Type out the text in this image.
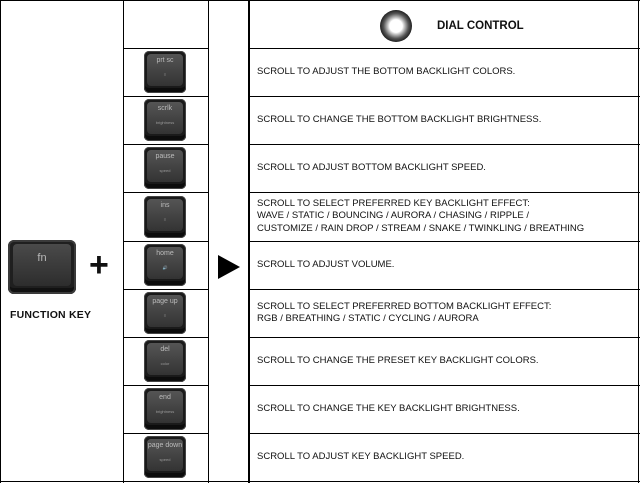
DIAL CONTROL
fn
FUNCTION KEY
+
prt sc
≡
scrlk
brightness
pause
speed
ins
≡
home
🔊
page up
≡
del
color
end
brightness
page down
speed
SCROLL TO ADJUST THE BOTTOM BACKLIGHT COLORS.
SCROLL TO CHANGE THE BOTTOM BACKLIGHT BRIGHTNESS.
SCROLL TO ADJUST BOTTOM BACKLIGHT SPEED.
SCROLL TO SELECT PREFERRED KEY BACKLIGHT EFFECT:
WAVE / STATIC / BOUNCING / AURORA / CHASING / RIPPLE /
CUSTOMIZE / RAIN DROP / STREAM / SNAKE / TWINKLING / BREATHING
SCROLL TO ADJUST VOLUME.
SCROLL TO SELECT PREFERRED BOTTOM BACKLIGHT EFFECT:
RGB / BREATHING / STATIC / CYCLING / AURORA
SCROLL TO CHANGE THE PRESET KEY BACKLIGHT COLORS.
SCROLL TO CHANGE THE KEY BACKLIGHT BRIGHTNESS.
SCROLL TO ADJUST KEY BACKLIGHT SPEED.
